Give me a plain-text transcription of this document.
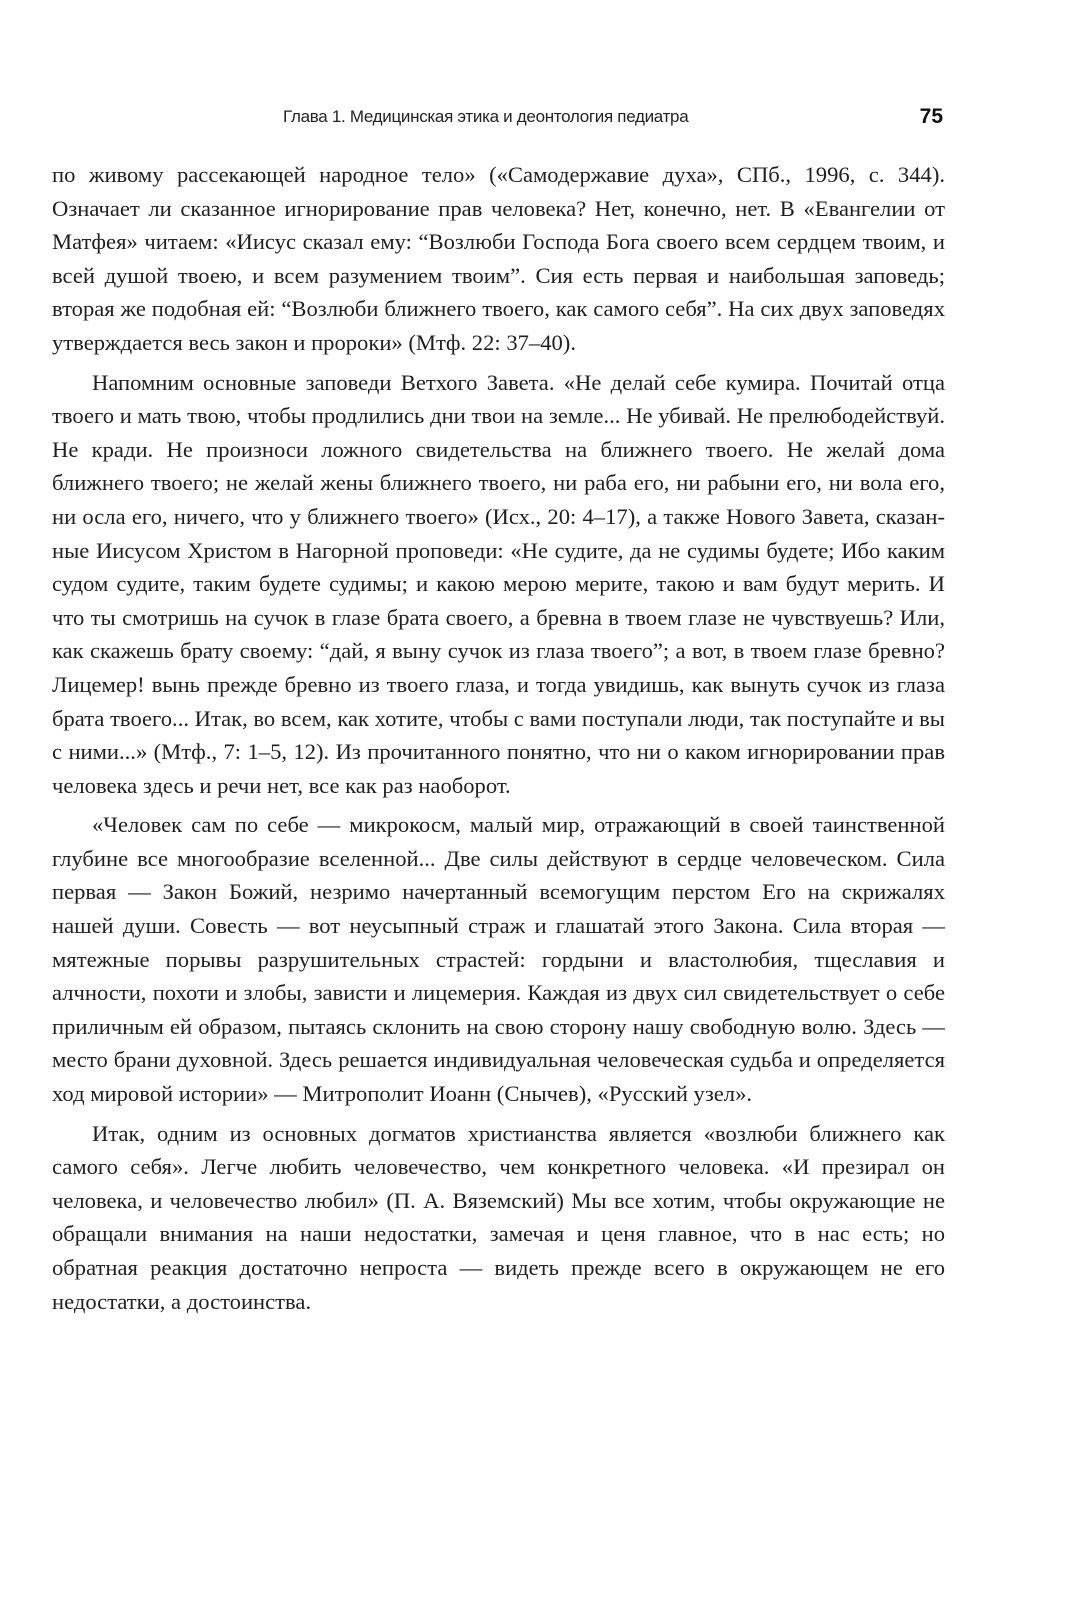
Глава 1. Медицинская этика и деонтология педиатра	75

по живому рассекающей народное тело» («Самодержавие духа», СПб., 1996, с. 344). Означает ли сказанное игнорирование прав человека? Нет, конечно, нет. В «Евангелии от Матфея» читаем: «Иисус сказал ему: “Возлюби Господа Бога своего всем сердцем твоим, и всей душой твоею, и всем разумением твоим”. Сия есть первая и наибольшая заповедь; вторая же подобная ей: “Возлюби ближнего твоего, как самого себя”. На сих двух заповедях утверждается весь закон и пророки» (Мтф. 22: 37–40).

Напомним основные заповеди Ветхого Завета. «Не делай себе кумира. Почитай отца твоего и мать твою, чтобы продлились дни твои на земле... Не убивай. Не прелюбодействуй. Не кради. Не произноси ложного свидетельства на ближнего твоего. Не желай дома ближнего твоего; не желай жены ближнего твоего, ни раба его, ни рабыни его, ни вола его, ни осла его, ничего, что у ближнего твоего» (Исх., 20: 4–17), а также Нового Завета, сказанные Иисусом Христом в Нагорной проповеди: «Не судите, да не судимы будете; Ибо каким судом судите, таким будете судимы; и какою мерою мерите, такою и вам будут мерить. И что ты смотришь на сучок в глазе брата своего, а бревна в твоем глазе не чувствуешь? Или, как скажешь брату своему: “дай, я выну сучок из глаза твоего”; а вот, в твоем глазе бревно? Лицемер! вынь прежде бревно из твоего глаза, и тогда увидишь, как вынуть сучок из глаза брата твоего... Итак, во всем, как хотите, чтобы с вами поступали люди, так поступайте и вы с ними...» (Мтф., 7: 1–5, 12). Из прочитанного понятно, что ни о каком игнорировании прав человека здесь и речи нет, все как раз наоборот.

«Человек сам по себе — микрокосм, малый мир, отражающий в своей таинственной глубине все многообразие вселенной... Две силы действуют в сердце человеческом. Сила первая — Закон Божий, незримо начертанный всемогущим перстом Его на скрижалях нашей души. Совесть — вот неусыпный страж и глашатай этого Закона. Сила вторая — мятежные порывы разрушительных страстей: гордыни и властолюбия, тщеславия и алчности, похоти и злобы, зависти и лицемерия. Каждая из двух сил свидетельствует о себе приличным ей образом, пытаясь склонить на свою сторону нашу свободную волю. Здесь — место брани духовной. Здесь решается индивидуальная человеческая судьба и определяется ход мировой истории» — Митрополит Иоанн (Снычев), «Русский узел».

Итак, одним из основных догматов христианства является «возлюби ближнего как самого себя». Легче любить человечество, чем конкретного человека. «И презирал он человека, и человечество любил» (П. А. Вяземский) Мы все хотим, чтобы окружающие не обращали внимания на наши недостатки, замечая и ценя главное, что в нас есть; но обратная реакция достаточно непроста — видеть прежде всего в окружающем не его недостатки, а достоинства.
